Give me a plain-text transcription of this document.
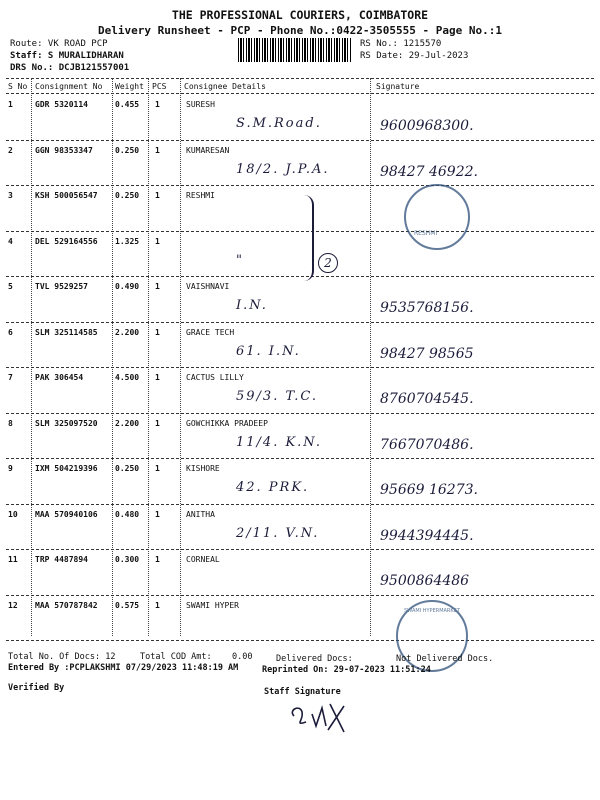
THE PROFESSIONAL COURIERS, COIMBATORE
Delivery Runsheet - PCP - Phone No.:0422-3505555 - Page No.:1
Route: VK ROAD PCP
Staff: S MURALIDHARAN
DRS No.: DCJB121557001
RS No.: 1215570
RS Date: 29-Jul-2023
S No Consignment No Weight PCS Consignee Details	Signature
1	GDR 5320114	0.455 1	SURESH
S.M.Road.	9600968300.
2	GGN 98353347	0.250 1	KUMARESAN
18/2. J.P.A.	98427 46922.
3	KSH 500056547 0.250 1	RESHMI
4	DEL 529164556 1.325 1
"
5	TVL 9529257	0.490 1	VAISHNAVI
I.N.	9535768156.
6	SLM 325114585 2.200 1	GRACE TECH
61. I.N.	98427 98565
7	PAK 306454	4.500 1	CACTUS LILLY
59/3. T.C.	8760704545.
8	SLM 325097520 2.200 1	GOWCHIKKA PRADEEP
11/4. K.N.	7667070486.
9	IXM 504219396 0.250 1	KISHORE
42. PRK.	95669 16273.
10 MAA 570940106 0.480 1	ANITHA
2/11. V.N.	9944394445.
11 TRP 4487894	0.300 1	CORNEAL
9500864486
12 MAA 570787842 0.575 1	SWAMI HYPER
2
RESHMI
SWAMI HYPERMARKET
Total No. Of Docs: 12	Total COD Amt: 0.00	Delivered Docs:	Not Delivered Docs.
Entered By :PCPLAKSHMI 07/29/2023 11:48:19 AM	Reprinted On: 29-07-2023 11:51:24
Verified By	Staff Signature
